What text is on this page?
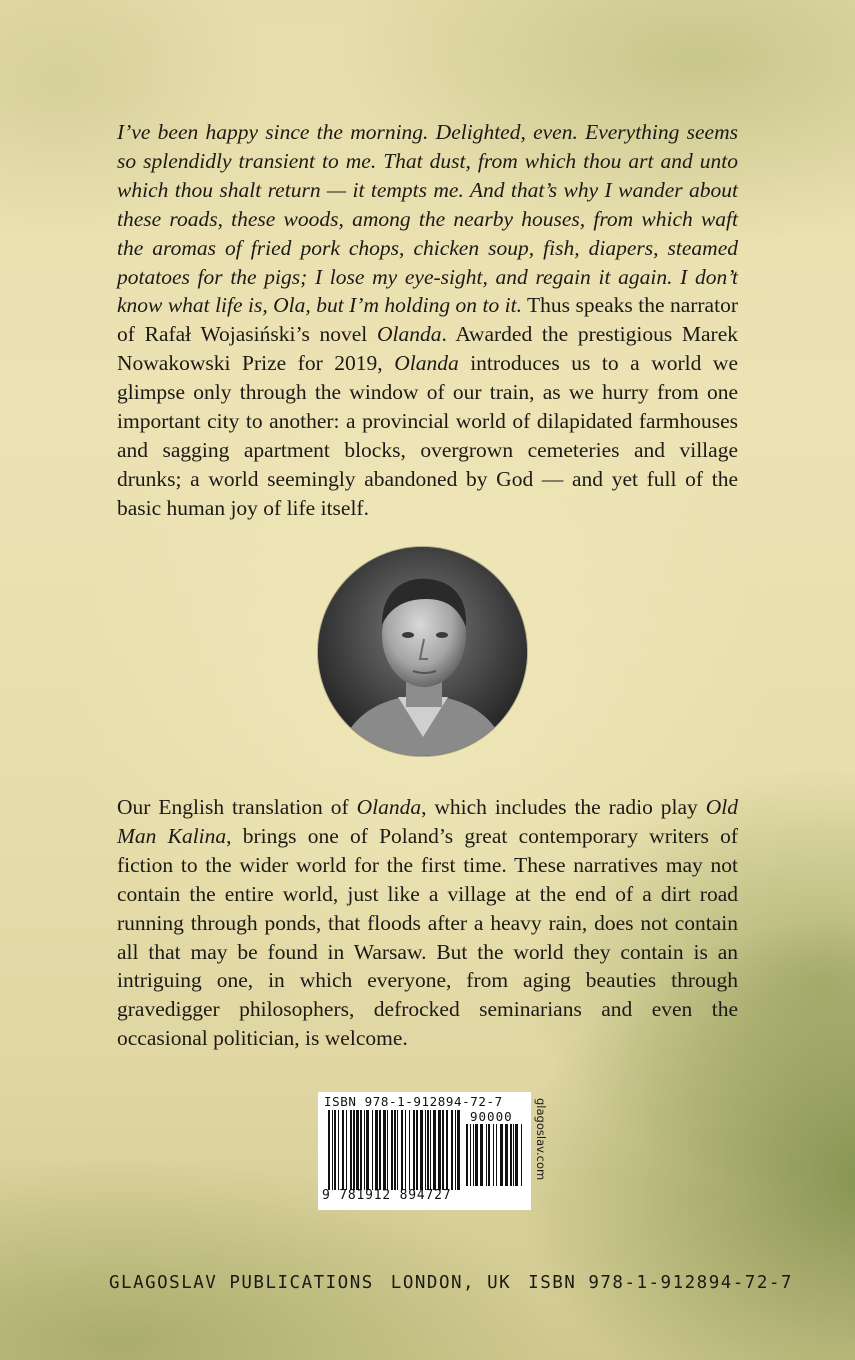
I’ve been happy since the morning. Delighted, even. Everything seems so splendidly transient to me. That dust, from which thou art and unto which thou shalt return — it tempts me. And that’s why I wander about these roads, these woods, among the nearby houses, from which waft the aromas of fried pork chops, chicken soup, fish, diapers, steamed potatoes for the pigs; I lose my eye-sight, and regain it again. I don’t know what life is, Ola, but I’m holding on to it. Thus speaks the narrator of Rafał Wojasiński’s novel Olanda. Awarded the prestigious Marek Nowakowski Prize for 2019, Olanda introduces us to a world we glimpse only through the window of our train, as we hurry from one important city to another: a provincial world of dilapidated farmhouses and sagging apartment blocks, overgrown cemeteries and village drunks; a world seemingly abandoned by God — and yet full of the basic human joy of life itself.
Our English translation of Olanda, which includes the radio play Old Man Kalina, brings one of Poland’s great contemporary writers of fiction to the wider world for the first time. These narratives may not contain the entire world, just like a village at the end of a dirt road running through ponds, that floods after a heavy rain, does not contain all that may be found in Warsaw. But the world they contain is an intriguing one, in which everyone, from aging beauties through gravedigger philosophers, defrocked seminarians and even the occasional politician, is welcome.
ISBN 978-1-912894-72-7
90000
9 781912 894727
glagoslav.com
GLAGOSLAV PUBLICATIONS LONDON, UK ISBN 978-1-912894-72-7
